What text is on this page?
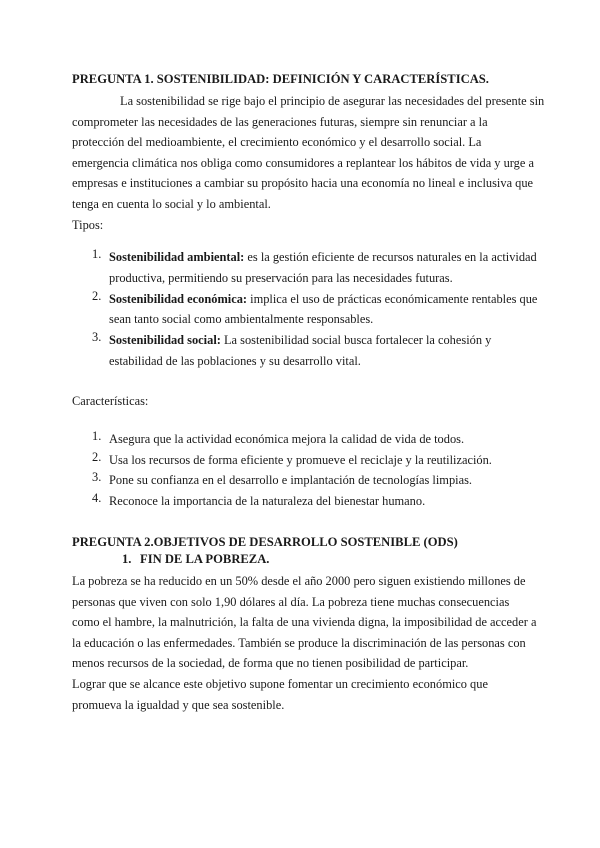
PREGUNTA 1. SOSTENIBILIDAD: DEFINICIÓN Y CARACTERÍSTICAS.
La sostenibilidad se rige bajo el principio de asegurar las necesidades del presente sin
comprometer las necesidades de las generaciones futuras, siempre sin renunciar a la
protección del medioambiente, el crecimiento económico y el desarrollo social. La
emergencia climática nos obliga como consumidores a replantear los hábitos de vida y urge a
empresas e instituciones a cambiar su propósito hacia una economía no lineal e inclusiva que
tenga en cuenta lo social y lo ambiental.
Tipos:
1. Sostenibilidad ambiental: es la gestión eficiente de recursos naturales en la actividad
productiva, permitiendo su preservación para las necesidades futuras.
2. Sostenibilidad económica: implica el uso de prácticas económicamente rentables que
sean tanto social como ambientalmente responsables.
3. Sostenibilidad social: La sostenibilidad social busca fortalecer la cohesión y
estabilidad de las poblaciones y su desarrollo vital.
Características:
1. Asegura que la actividad económica mejora la calidad de vida de todos.
2. Usa los recursos de forma eficiente y promueve el reciclaje y la reutilización.
3. Pone su confianza en el desarrollo e implantación de tecnologías limpias.
4. Reconoce la importancia de la naturaleza del bienestar humano.
PREGUNTA 2.OBJETIVOS DE DESARROLLO SOSTENIBLE (ODS)
1. FIN DE LA POBREZA.
La pobreza se ha reducido en un 50% desde el año 2000 pero siguen existiendo millones de
personas que viven con solo 1,90 dólares al día. La pobreza tiene muchas consecuencias
como el hambre, la malnutrición, la falta de una vivienda digna, la imposibilidad de acceder a
la educación o las enfermedades. También se produce la discriminación de las personas con
menos recursos de la sociedad, de forma que no tienen posibilidad de participar.
Lograr que se alcance este objetivo supone fomentar un crecimiento económico que
promueva la igualdad y que sea sostenible.
